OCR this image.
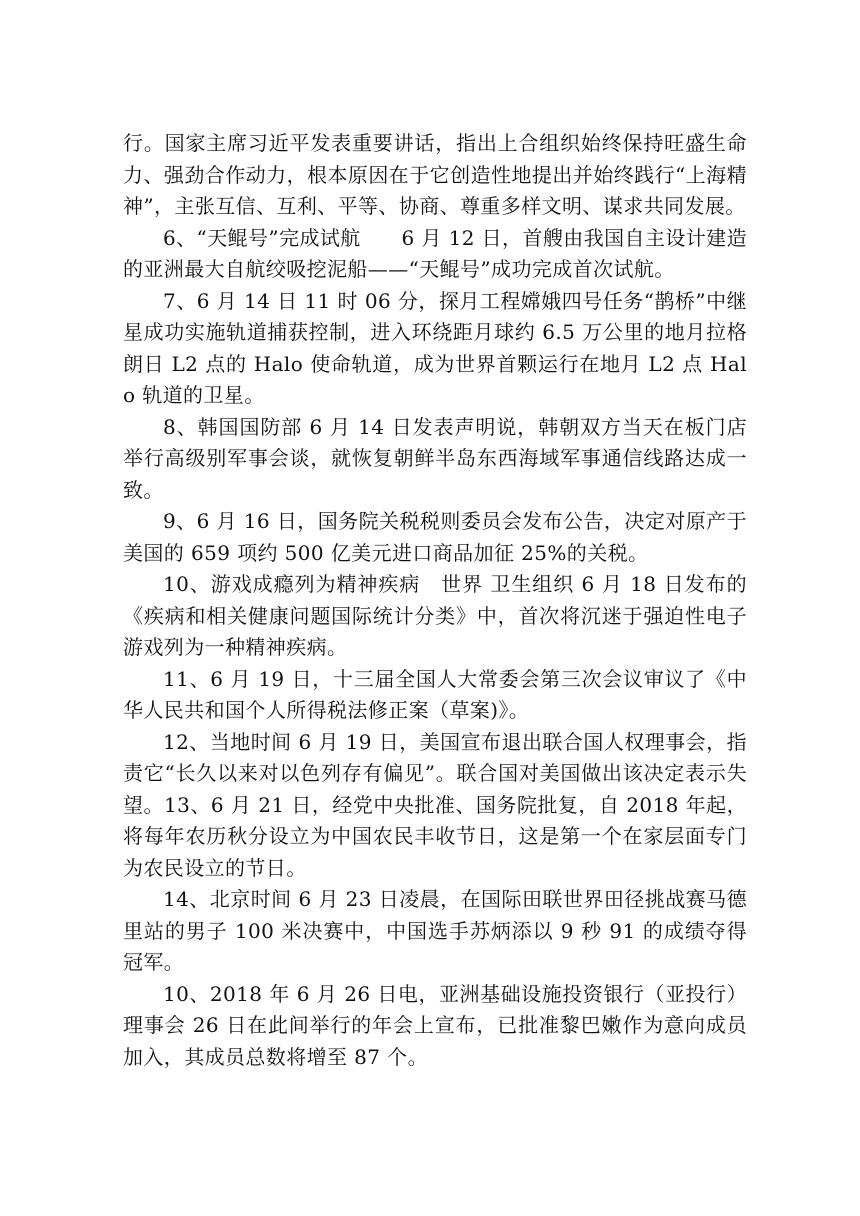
行。国家主席习近平发表重要讲话，指出上合组织始终保持旺盛生命力、强劲合作动力，根本原因在于它创造性地提出并始终践行“上海精神”，主张互信、互利、平等、协商、尊重多样文明、谋求共同发展。

6、“天鲲号”完成试航　　6 月 12 日，首艘由我国自主设计建造的亚洲最大自航绞吸挖泥船——“天鲲号”成功完成首次试航。

7、6 月 14 日 11 时 06 分，探月工程嫦娥四号任务“鹊桥”中继星成功实施轨道捕获控制，进入环绕距月球约 6.5 万公里的地月拉格朗日 L2 点的 Halo 使命轨道，成为世界首颗运行在地月 L2 点 Halo 轨道的卫星。

8、韩国国防部 6 月 14 日发表声明说，韩朝双方当天在板门店举行高级别军事会谈，就恢复朝鲜半岛东西海域军事通信线路达成一致。

9、6 月 16 日，国务院关税税则委员会发布公告，决定对原产于美国的 659 项约 500 亿美元进口商品加征 25%的关税。

10、游戏成瘾列为精神疾病　世界 卫生组织 6 月 18 日发布的《疾病和相关健康问题国际统计分类》中，首次将沉迷于强迫性电子游戏列为一种精神疾病。

11、6 月 19 日，十三届全国人大常委会第三次会议审议了《中华人民共和国个人所得税法修正案（草案)》。

12、当地时间 6 月 19 日，美国宣布退出联合国人权理事会，指责它“长久以来对以色列存有偏见”。联合国对美国做出该决定表示失望。13、6 月 21 日，经党中央批准、国务院批复，自 2018 年起，将每年农历秋分设立为中国农民丰收节日，这是第一个在家层面专门为农民设立的节日。

14、北京时间 6 月 23 日凌晨，在国际田联世界田径挑战赛马德里站的男子 100 米决赛中，中国选手苏炳添以 9 秒 91 的成绩夺得冠军。

10、2018 年 6 月 26 日电，亚洲基础设施投资银行（亚投行）理事会 26 日在此间举行的年会上宣布，已批准黎巴嫩作为意向成员加入，其成员总数将增至 87 个。
